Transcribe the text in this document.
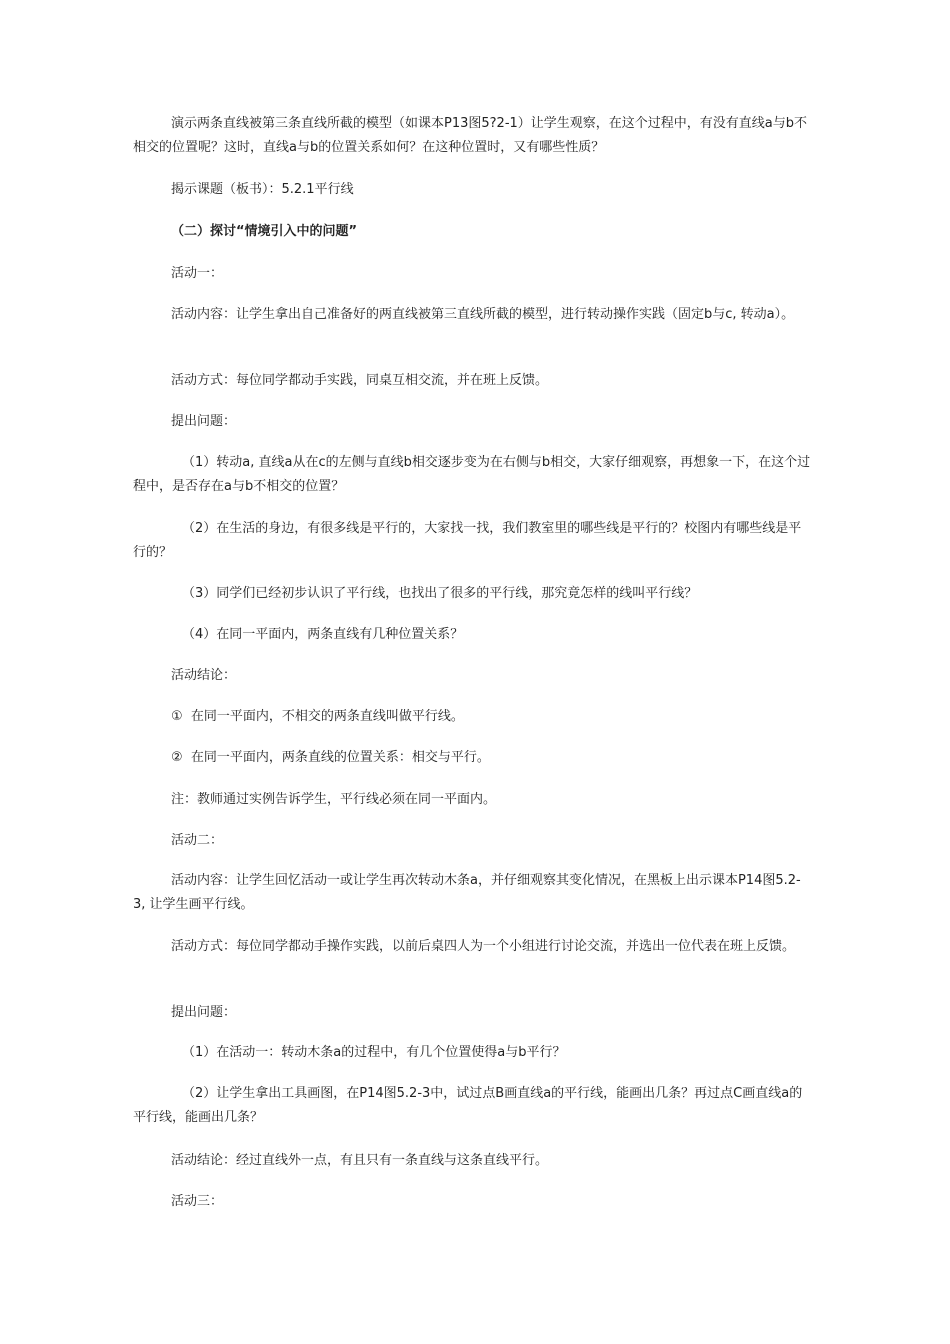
演示两条直线被第三条直线所截的模型（如课本P13图5?2-1）让学生观察，在这个过程中，有没有直线a与b不相交的位置呢？这时，直线a与b的位置关系如何？在这种位置时，又有哪些性质？

揭示课题（板书）：5.2.1平行线

（二）探讨“情境引入中的问题”

活动一：

活动内容：让学生拿出自己准备好的两直线被第三直线所截的模型，进行转动操作实践（固定b与c, 转动a）。

活动方式：每位同学都动手实践，同桌互相交流，并在班上反馈。

提出问题：

（1）转动a, 直线a从在c的左侧与直线b相交逐步变为在右侧与b相交，大家仔细观察，再想象一下，在这个过程中，是否存在a与b不相交的位置？

（2）在生活的身边，有很多线是平行的，大家找一找，我们教室里的哪些线是平行的？校图内有哪些线是平行的？

（3）同学们已经初步认识了平行线，也找出了很多的平行线，那究竟怎样的线叫平行线？

（4）在同一平面内，两条直线有几种位置关系？

活动结论：

①  在同一平面内，不相交的两条直线叫做平行线。

②  在同一平面内，两条直线的位置关系：相交与平行。

注：教师通过实例告诉学生，平行线必须在同一平面内。

活动二：

活动内容：让学生回忆活动一或让学生再次转动木条a，并仔细观察其变化情况，在黑板上出示课本P14图5.2-3, 让学生画平行线。

活动方式：每位同学都动手操作实践，以前后桌四人为一个小组进行讨论交流，并选出一位代表在班上反馈。

提出问题：

（1）在活动一：转动木条a的过程中，有几个位置使得a与b平行？

（2）让学生拿出工具画图，在P14图5.2-3中，试过点B画直线a的平行线，能画出几条？再过点C画直线a的平行线，能画出几条？

活动结论：经过直线外一点，有且只有一条直线与这条直线平行。

活动三：
